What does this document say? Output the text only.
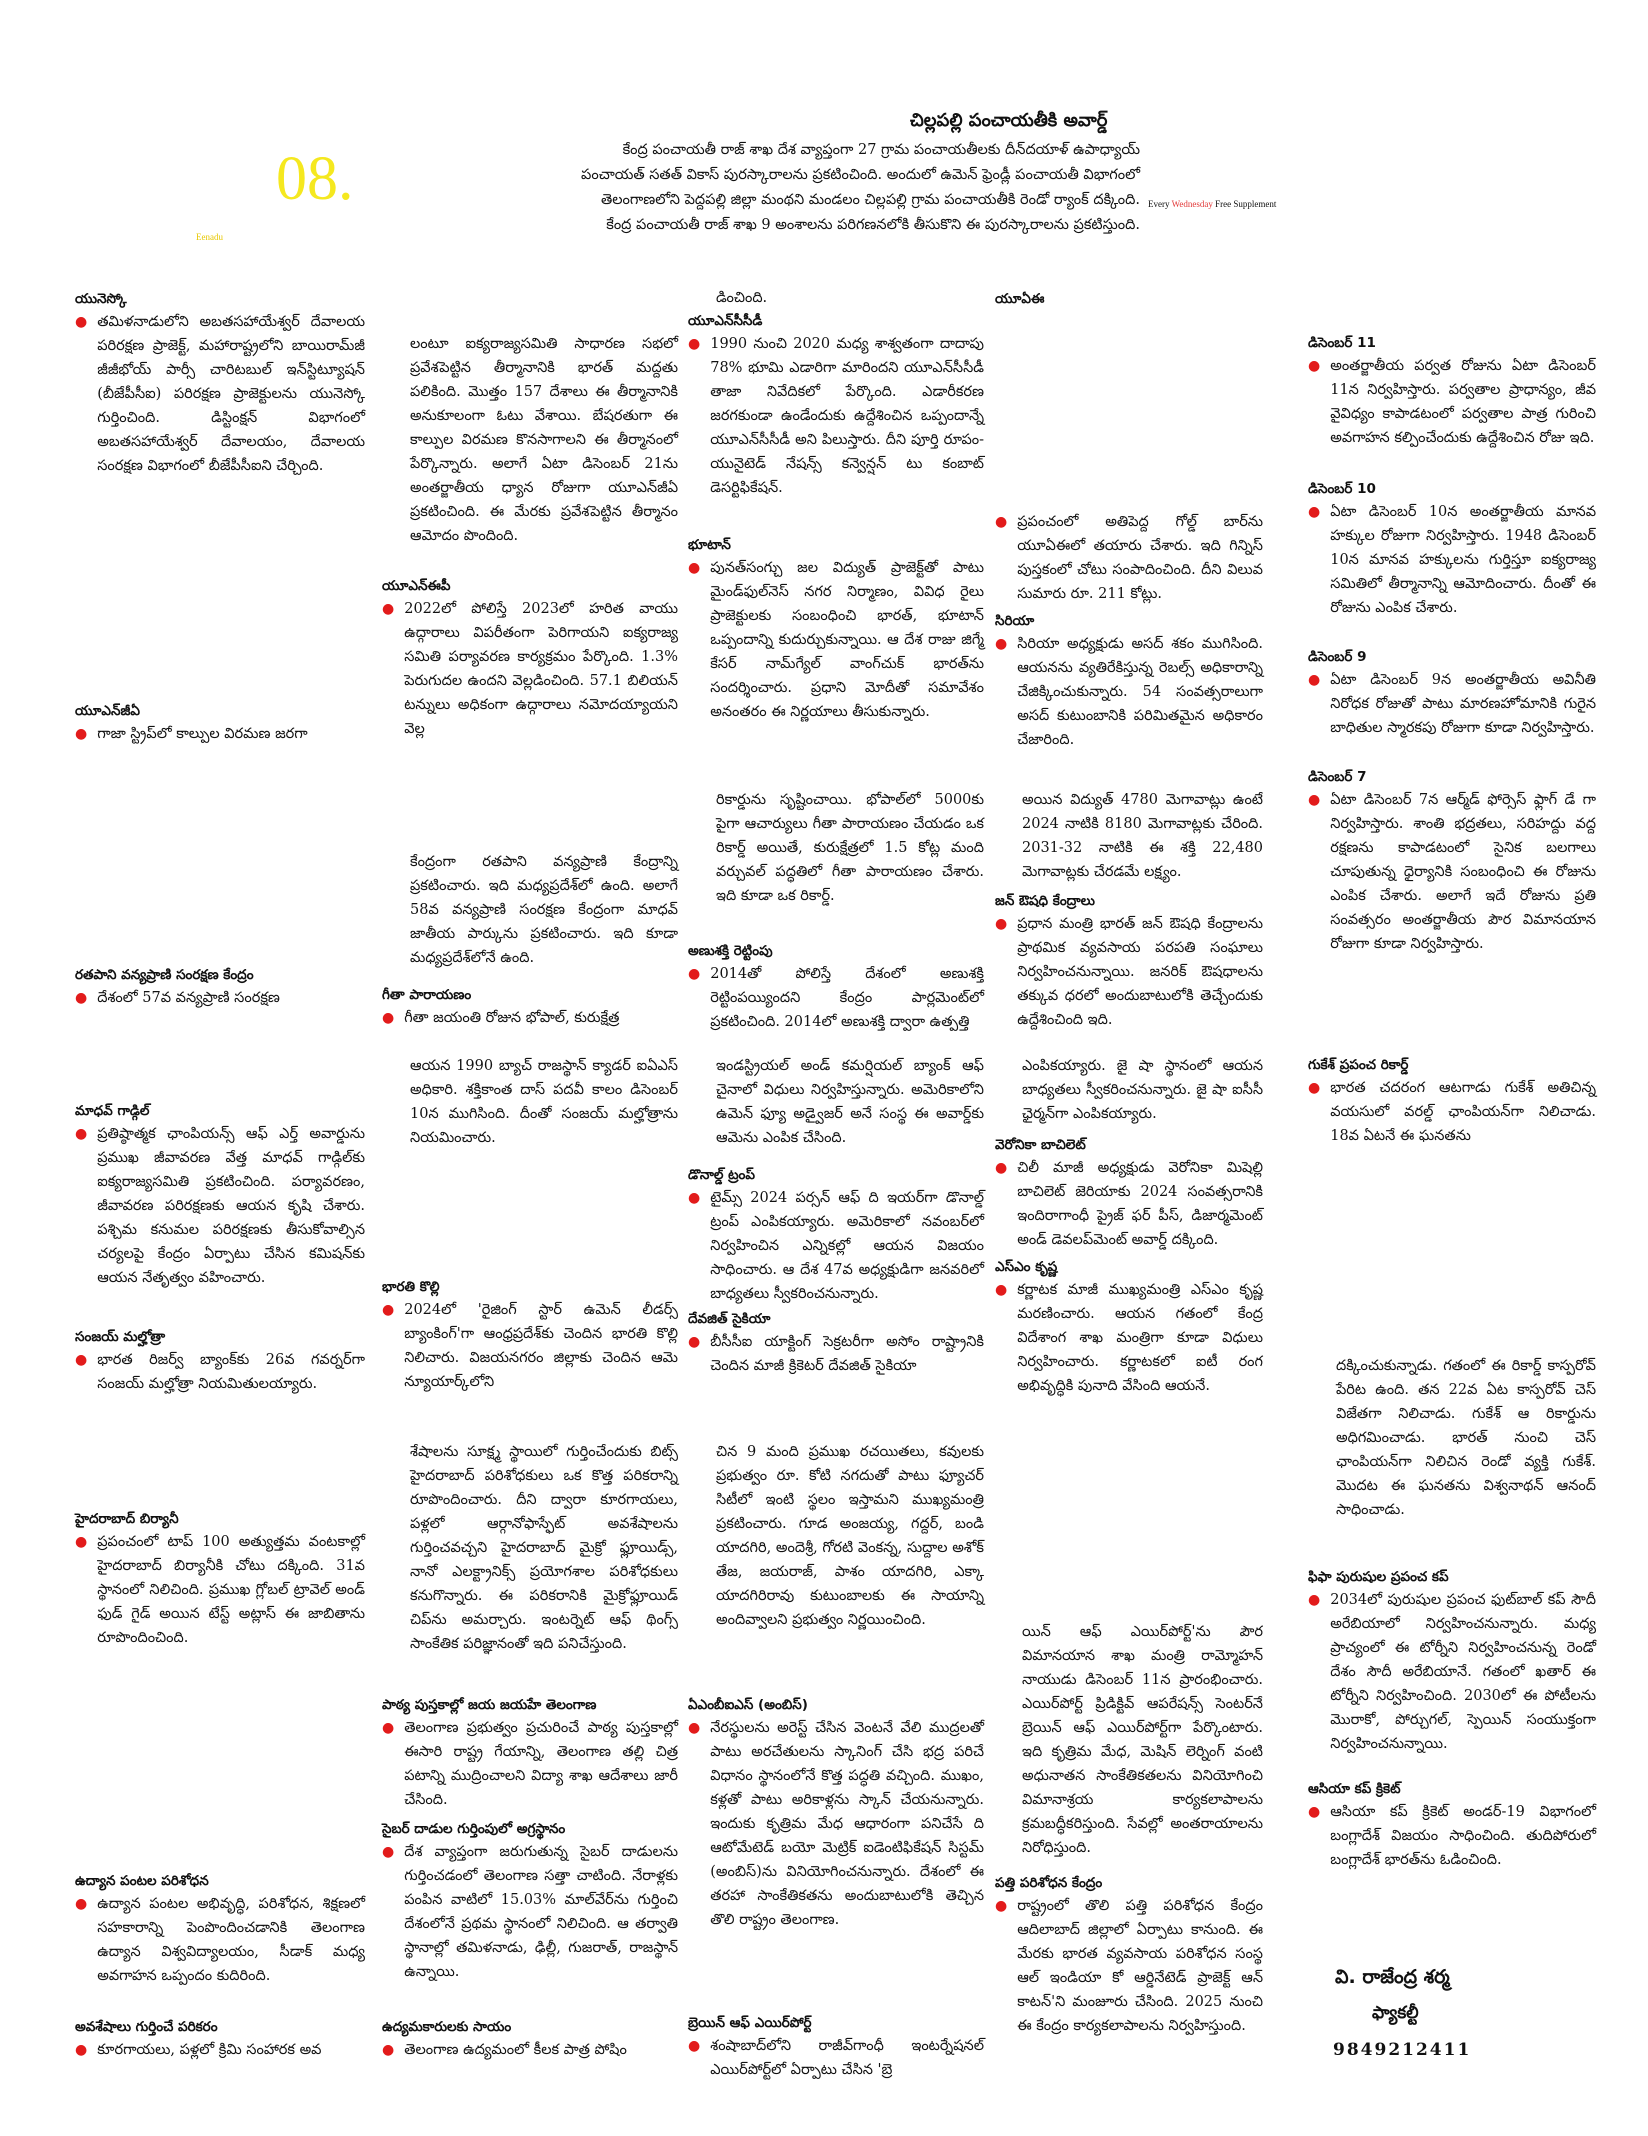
08.
Eenadu
చిల్లపల్లి పంచాయతీకి అవార్డ్
కేంద్ర పంచాయతీ రాజ్ శాఖ దేశ వ్యాప్తంగా 27 గ్రామ పంచాయతీలకు దీన్‌దయాళ్ ఉపాధ్యాయ్
పంచాయత్ సతత్ వికాస్ పురస్కారాలను ప్రకటించింది. అందులో ఉమెన్ ఫ్రెండ్లీ పంచాయతీ విభాగంలో
తెలంగాణలోని పెద్దపల్లి జిల్లా మంథని మండలం చిల్లపల్లి గ్రామ పంచాయతీకి రెండో ర్యాంక్ దక్కింది.
కేంద్ర పంచాయతీ రాజ్ శాఖ 9 అంశాలను పరిగణనలోకి తీసుకొని ఈ పురస్కారాలను ప్రకటిస్తుంది.
Every Wednesday Free Supplement
యునెస్కో
● తమిళనాడులోని అబతసహాయేశ్వర్ దేవాలయ పరిరక్షణ ప్రాజెక్ట్, మహారాష్ట్రలోని బాయిరామ్‌జీ జీజీభోయ్ పార్సీ చారిటబుల్ ఇన్‌స్టిట్యూషన్ (బీజేపీసీఐ) పరిరక్షణ ప్రాజెక్టులను యునెస్కో గుర్తించింది. డిస్టింక్షన్ విభాగంలో అబతసహాయేశ్వర్ దేవాలయం, దేవాలయ సంరక్షణ విభాగంలో బీజేపీసీఐని చేర్చింది.
యూఎన్‌జీఏ
● గాజా స్ట్రిప్‌లో కాల్పుల విరమణ జరగా
రతపాని వన్యప్రాణి సంరక్షణ కేంద్రం
● దేశంలో 57వ వన్యప్రాణి సంరక్షణ
మాధవ్ గాడ్గిల్
● ప్రతిష్ఠాత్మక ఛాంపియన్స్ ఆఫ్ ఎర్త్ అవార్డును ప్రముఖ జీవావరణ వేత్త మాధవ్ గాడ్గిల్‌కు ఐక్యరాజ్యసమితి ప్రకటించింది. పర్యావరణం, జీవావరణ పరిరక్షణకు ఆయన కృషి చేశారు. పశ్చిమ కనుమల పరిరక్షణకు తీసుకోవాల్సిన చర్యలపై కేంద్రం ఏర్పాటు చేసిన కమిషన్‌కు ఆయన నేతృత్వం వహించారు.
సంజయ్ మల్హోత్రా
● భారత రిజర్వ్ బ్యాంక్‌కు 26వ గవర్నర్‌గా సంజయ్ మల్హోత్రా నియమితులయ్యారు.
హైదరాబాద్ బిర్యానీ
● ప్రపంచంలో టాప్ 100 అత్యుత్తమ వంటకాల్లో హైదరాబాద్ బిర్యానీకి చోటు దక్కింది. 31వ స్థానంలో నిలిచింది. ప్రముఖ గ్లోబల్ ట్రావెల్ అండ్ ఫుడ్ గైడ్ అయిన టేస్ట్ అట్లాస్ ఈ జాబితాను రూపొందించింది.
ఉద్యాన పంటల పరిశోధన
● ఉద్యాన పంటల అభివృద్ధి, పరిశోధన, శిక్షణలో సహకారాన్ని పెంపొందించడానికి తెలంగాణ ఉద్యాన విశ్వవిద్యాలయం, సీడాక్ మధ్య అవగాహన ఒప్పందం కుదిరింది.
అవశేషాలు గుర్తించే పరికరం
● కూరగాయలు, పళ్లలో క్రిమి సంహారక అవ
లంటూ ఐక్యరాజ్యసమితి సాధారణ సభలో ప్రవేశపెట్టిన తీర్మానానికి భారత్ మద్దతు పలికింది. మొత్తం 157 దేశాలు ఈ తీర్మానానికి అనుకూలంగా ఓటు వేశాయి. బేషరతుగా ఈ కాల్పుల విరమణ కొనసాగాలని ఈ తీర్మానంలో పేర్కొన్నారు. అలాగే ఏటా డిసెంబర్ 21ను అంతర్జాతీయ ధ్యాన రోజుగా యూఎన్‌జీఏ ప్రకటించింది. ఈ మేరకు ప్రవేశపెట్టిన తీర్మానం ఆమోదం పొందింది.
యూఎన్ఈపీ
● 2022లో పోలిస్తే 2023లో హరిత వాయు ఉద్గారాలు విపరీతంగా పెరిగాయని ఐక్యరాజ్య సమితి పర్యావరణ కార్యక్రమం పేర్కొంది. 1.3% పెరుగుదల ఉందని వెల్లడించింది. 57.1 బిలియన్ టన్నులు అధికంగా ఉద్గారాలు నమోదయ్యాయని వెల్ల
కేంద్రంగా రతపాని వన్యప్రాణి కేంద్రాన్ని ప్రకటించారు. ఇది మధ్యప్రదేశ్‌లో ఉంది. అలాగే 58వ వన్యప్రాణి సంరక్షణ కేంద్రంగా మాధవ్ జాతీయ పార్కును ప్రకటించారు. ఇది కూడా మధ్యప్రదేశ్‌లోనే ఉంది.
గీతా పారాయణం
● గీతా జయంతి రోజున భోపాల్, కురుక్షేత్ర
ఆయన 1990 బ్యాచ్ రాజస్థాన్ క్యాడర్ ఐఏఎస్ అధికారి. శక్తికాంత దాస్ పదవీ కాలం డిసెంబర్ 10న ముగిసింది. దీంతో సంజయ్ మల్హోత్రాను నియమించారు.
భారతి కొల్లి
● 2024లో 'రైజింగ్ స్టార్ ఉమెన్ లీడర్స్ బ్యాంకింగ్'గా ఆంధ్రప్రదేశ్‌కు చెందిన భారతి కొల్లి నిలిచారు. విజయనగరం జిల్లాకు చెందిన ఆమె న్యూయార్క్‌లోని
శేషాలను సూక్ష్మ స్థాయిలో గుర్తించేందుకు బిట్స్ హైదరాబాద్ పరిశోధకులు ఒక కొత్త పరికరాన్ని రూపొందించారు. దీని ద్వారా కూరగాయలు, పళ్లలో ఆర్గానోఫాస్ఫేట్ అవశేషాలను గుర్తించవచ్చని హైదరాబాద్ మైక్రో ఫ్లూయిడ్స్, నానో ఎలక్ట్రానిక్స్ ప్రయోగశాల పరిశోధకులు కనుగొన్నారు. ఈ పరికరానికి మైక్రోఫ్లూయిడ్ చిప్‌ను అమర్చారు. ఇంటర్నెట్ ఆఫ్ థింగ్స్ సాంకేతిక పరిజ్ఞానంతో ఇది పనిచేస్తుంది.
పాఠ్య పుస్తకాల్లో జయ జయహే తెలంగాణ
● తెలంగాణ ప్రభుత్వం ప్రచురించే పాఠ్య పుస్తకాల్లో ఈసారి రాష్ట్ర గేయాన్ని, తెలంగాణ తల్లి చిత్ర పటాన్ని ముద్రించాలని విద్యా శాఖ ఆదేశాలు జారీ చేసింది.
సైబర్ దాడుల గుర్తింపులో అగ్రస్థానం
● దేశ వ్యాప్తంగా జరుగుతున్న సైబర్ దాడులను గుర్తించడంలో తెలంగాణ సత్తా చాటింది. నేరాళ్లకు పంపిన వాటిలో 15.03% మాల్‌వేర్‌ను గుర్తించి దేశంలోనే ప్రథమ స్థానంలో నిలిచింది. ఆ తర్వాతి స్థానాల్లో తమిళనాడు, ఢిల్లీ, గుజరాత్, రాజస్థాన్ ఉన్నాయి.
ఉద్యమకారులకు సాయం
● తెలంగాణ ఉద్యమంలో కీలక పాత్ర పోషిం
డించింది.
యూఎన్‌సీసీడీ
● 1990 నుంచి 2020 మధ్య శాశ్వతంగా దాదాపు 78% భూమి ఎడారిగా మారిందని యూఎన్‌సీసీడీ తాజా నివేదికలో పేర్కొంది. ఎడారీకరణ జరగకుండా ఉండేందుకు ఉద్దేశించిన ఒప్పందాన్నే యూఎన్‌సీసీడీ అని పిలుస్తారు. దీని పూర్తి రూపం- యునైటెడ్ నేషన్స్ కన్వెన్షన్ టు కంబాట్ డెసర్టిఫికేషన్.
భూటాన్
● పునత్‌సంగ్చు జల విద్యుత్ ప్రాజెక్ట్‌తో పాటు మైండ్‌ఫుల్‌నెస్ నగర నిర్మాణం, వివిధ రైలు ప్రాజెక్టులకు సంబంధించి భారత్, భూటాన్ ఒప్పందాన్ని కుదుర్చుకున్నాయి. ఆ దేశ రాజు జిగ్మే కేసర్ నామ్‌గ్యేల్ వాంగ్‌చుక్ భారత్‌ను సందర్శించారు. ప్రధాని మోదీతో సమావేశం అనంతరం ఈ నిర్ణయాలు తీసుకున్నారు.
రికార్డును సృష్టించాయి. భోపాల్‌లో 5000కు పైగా ఆచార్యులు గీతా పారాయణం చేయడం ఒక రికార్డ్ అయితే, కురుక్షేత్రలో 1.5 కోట్ల మంది వర్చువల్ పద్ధతిలో గీతా పారాయణం చేశారు. ఇది కూడా ఒక రికార్డ్.
అణుశక్తి రెట్టింపు
● 2014తో పోలిస్తే దేశంలో అణుశక్తి రెట్టింపయ్యిందని కేంద్రం పార్లమెంట్‌లో ప్రకటించింది. 2014లో అణుశక్తి ద్వారా ఉత్పత్తి
ఇండస్ట్రియల్ అండ్ కమర్షియల్ బ్యాంక్ ఆఫ్ చైనాలో విధులు నిర్వహిస్తున్నారు. అమెరికాలోని ఉమెన్ ఫ్యూ అడ్వైజర్ అనే సంస్థ ఈ అవార్డ్‌కు ఆమెను ఎంపిక చేసింది.
డొనాల్డ్ ట్రంప్
● టైమ్స్ 2024 పర్సన్ ఆఫ్ ది ఇయర్‌గా డొనాల్డ్ ట్రంప్ ఎంపికయ్యారు. అమెరికాలో నవంబర్‌లో నిర్వహించిన ఎన్నికల్లో ఆయన విజయం సాధించారు. ఆ దేశ 47వ అధ్యక్షుడిగా జనవరిలో బాధ్యతలు స్వీకరించనున్నారు.
దేవజిత్ సైకియా
● బీసీసీఐ యాక్టింగ్ సెక్రటరీగా అసోం రాష్ట్రానికి చెందిన మాజీ క్రికెటర్ దేవజిత్ సైకియా
చిన 9 మంది ప్రముఖ రచయితలు, కవులకు ప్రభుత్వం రూ. కోటి నగదుతో పాటు ఫ్యూచర్ సిటీలో ఇంటి స్థలం ఇస్తామని ముఖ్యమంత్రి ప్రకటించారు. గూడ అంజయ్య, గద్దర్, బండి యాదగిరి, అందెశ్రీ, గోరటి వెంకన్న, సుద్దాల అశోక్ తేజ, జయరాజ్, పాశం యాదగిరి, ఎక్కా యాదగిరిరావు కుటుంబాలకు ఈ సాయాన్ని అందివ్వాలని ప్రభుత్వం నిర్ణయించింది.
ఏఎంబీఐఎస్ (అంబిస్)
● నేరస్థులను అరెస్ట్ చేసిన వెంటనే వేలి ముద్రలతో పాటు అరచేతులను స్కానింగ్ చేసి భద్ర పరిచే విధానం స్థానంలోనే కొత్త పద్ధతి వచ్చింది. ముఖం, కళ్లతో పాటు అరికాళ్లను స్కాన్ చేయనున్నారు. ఇందుకు కృత్రిమ మేధ ఆధారంగా పనిచేసే ది ఆటోమేటెడ్ బయో మెట్రిక్ ఐడెంటిఫికేషన్ సిస్టమ్ (అంబిస్)ను వినియోగించనున్నారు. దేశంలో ఈ తరహా సాంకేతికతను అందుబాటులోకి తెచ్చిన తొలి రాష్ట్రం తెలంగాణ.
బ్రెయిన్ ఆఫ్ ఎయిర్‌పోర్ట్
● శంషాబాద్‌లోని రాజీవ్‌గాంధీ ఇంటర్నేషనల్ ఎయిర్‌పోర్ట్‌లో ఏర్పాటు చేసిన 'బ్రె
యూఏఈ
● ప్రపంచంలో అతిపెద్ద గోల్డ్ బార్‌ను యూఏఈలో తయారు చేశారు. ఇది గిన్నిస్ పుస్తకంలో చోటు సంపాదించింది. దీని విలువ సుమారు రూ. 211 కోట్లు.
సిరియా
● సిరియా అధ్యక్షుడు అసద్ శకం ముగిసింది. ఆయనను వ్యతిరేకిస్తున్న రెబల్స్ అధికారాన్ని చేజిక్కించుకున్నారు. 54 సంవత్సరాలుగా అసద్ కుటుంబానికి పరిమితమైన అధికారం చేజారింది.
అయిన విద్యుత్ 4780 మెగావాట్లు ఉంటే 2024 నాటికి 8180 మెగావాట్లకు చేరింది. 2031-32 నాటికి ఈ శక్తి 22,480 మెగావాట్లకు చేరడమే లక్ష్యం.
జన్ ఔషధి కేంద్రాలు
● ప్రధాన మంత్రి భారత్ జన్ ఔషధి కేంద్రాలను ప్రాథమిక వ్యవసాయ పరపతి సంఘాలు నిర్వహించనున్నాయి. జనరిక్ ఔషధాలను తక్కువ ధరలో అందుబాటులోకి తెచ్చేందుకు ఉద్దేశించింది ఇది.
ఎంపికయ్యారు. జై షా స్థానంలో ఆయన బాధ్యతలు స్వీకరించనున్నారు. జై షా ఐసీసీ ఛైర్మన్‌గా ఎంపికయ్యారు.
వెరోనికా బాచిలెట్
● చిలీ మాజీ అధ్యక్షుడు వెరోనికా మిషెల్లి బాచిలెట్ జెరియాకు 2024 సంవత్సరానికి ఇందిరాగాంధీ ప్రైజ్ ఫర్ పీస్, డిజార్మమెంట్ అండ్ డెవలప్‌మెంట్ అవార్డ్ దక్కింది.
ఎస్ఎం కృష్ణ
● కర్ణాటక మాజీ ముఖ్యమంత్రి ఎస్ఎం కృష్ణ మరణించారు. ఆయన గతంలో కేంద్ర విదేశాంగ శాఖ మంత్రిగా కూడా విధులు నిర్వహించారు. కర్ణాటకలో ఐటీ రంగ అభివృద్ధికి పునాది వేసింది ఆయనే.
యిన్ ఆఫ్ ఎయిర్‌పోర్ట్'ను పౌర విమానయాన శాఖ మంత్రి రామ్మోహన్ నాయుడు డిసెంబర్ 11న ప్రారంభించారు. ఎయిర్‌పోర్ట్ ప్రిడిక్టివ్ ఆపరేషన్స్ సెంటర్‌నే బ్రెయిన్ ఆఫ్ ఎయిర్‌పోర్ట్‌గా పేర్కొంటారు. ఇది కృత్రిమ మేధ, మెషిన్ లెర్నింగ్ వంటి అధునాతన సాంకేతికతలను వినియోగించి విమానాశ్రయ కార్యకలాపాలను క్రమబద్ధీకరిస్తుంది. సేవల్లో అంతరాయాలను నిరోధిస్తుంది.
పత్తి పరిశోధన కేంద్రం
● రాష్ట్రంలో తొలి పత్తి పరిశోధన కేంద్రం ఆదిలాబాద్ జిల్లాలో ఏర్పాటు కానుంది. ఈ మేరకు భారత వ్యవసాయ పరిశోధన సంస్థ ఆల్ ఇండియా కో ఆర్డినేటెడ్ ప్రాజెక్ట్ ఆన్ కాటన్'ని మంజూరు చేసింది. 2025 నుంచి ఈ కేంద్రం కార్యకలాపాలను నిర్వహిస్తుంది.
డిసెంబర్ 11
● అంతర్జాతీయ పర్వత రోజును ఏటా డిసెంబర్ 11న నిర్వహిస్తారు. పర్వతాల ప్రాధాన్యం, జీవ వైవిధ్యం కాపాడటంలో పర్వతాల పాత్ర గురించి అవగాహన కల్పించేందుకు ఉద్దేశించిన రోజు ఇది.
డిసెంబర్ 10
● ఏటా డిసెంబర్ 10న అంతర్జాతీయ మానవ హక్కుల రోజుగా నిర్వహిస్తారు. 1948 డిసెంబర్ 10న మానవ హక్కులను గుర్తిస్తూ ఐక్యరాజ్య సమితిలో తీర్మానాన్ని ఆమోదించారు. దీంతో ఈ రోజును ఎంపిక చేశారు.
డిసెంబర్ 9
● ఏటా డిసెంబర్ 9న అంతర్జాతీయ అవినీతి నిరోధక రోజుతో పాటు మారణహోమానికి గురైన బాధితుల స్మారకపు రోజుగా కూడా నిర్వహిస్తారు.
డిసెంబర్ 7
● ఏటా డిసెంబర్ 7న ఆర్మ్‌డ్ ఫోర్సెస్ ఫ్లాగ్ డే గా నిర్వహిస్తారు. శాంతి భద్రతలు, సరిహద్దు వద్ద రక్షణను కాపాడటంలో సైనిక బలగాలు చూపుతున్న ధైర్యానికి సంబంధించి ఈ రోజును ఎంపిక చేశారు. అలాగే ఇదే రోజును ప్రతి సంవత్సరం అంతర్జాతీయ పౌర విమానయాన రోజుగా కూడా నిర్వహిస్తారు.
గుకేశ్ ప్రపంచ రికార్డ్
● భారత చదరంగ ఆటగాడు గుకేశ్ అతిచిన్న వయసులో వరల్డ్ ఛాంపియన్‌గా నిలిచాడు. 18వ ఏటనే ఈ ఘనతను
దక్కించుకున్నాడు. గతంలో ఈ రికార్డ్ కాస్పరోవ్ పేరిట ఉంది. తన 22వ ఏట కాస్పరోవ్ చెస్ విజేతగా నిలిచాడు. గుకేశ్ ఆ రికార్డును అధిగమించాడు. భారత్ నుంచి చెస్ ఛాంపియన్‌గా నిలిచిన రెండో వ్యక్తి గుకేశ్. మొదట ఈ ఘనతను విశ్వనాథన్ ఆనంద్ సాధించాడు.
ఫిఫా పురుషుల ప్రపంచ కప్
● 2034లో పురుషుల ప్రపంచ ఫుట్‌బాల్ కప్ సౌదీ అరేబియాలో నిర్వహించనున్నారు. మధ్య ప్రాచ్యంలో ఈ టోర్నీని నిర్వహించనున్న రెండో దేశం సౌదీ అరేబియానే. గతంలో ఖతార్ ఈ టోర్నీని నిర్వహించింది. 2030లో ఈ పోటీలను మొరాకో, పోర్చుగల్, స్పెయిన్ సంయుక్తంగా నిర్వహించనున్నాయి.
ఆసియా కప్ క్రికెట్
● ఆసియా కప్ క్రికెట్ అండర్-19 విభాగంలో బంగ్లాదేశ్ విజయం సాధించింది. తుదిపోరులో బంగ్లాదేశ్ భారత్‌ను ఓడించింది.
వి. రాజేంద్ర శర్మ
ఫ్యాకల్టీ
9849212411
